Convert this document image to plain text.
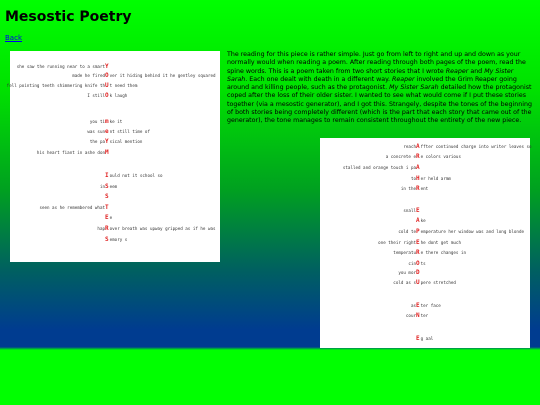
Mesostic Poetry
Back
she saw the running near to a smart Y
made he fired O ver it hiding behind it he gentley squared
fell pointing teeth shimmering knife th U t need them
I still O k laugh
you ti m ke it
was sun e nt still time of
the pa Y sical mention
his heart fiant in ashe don M
I ould not it school so
in S eem
S
seen as he remembered what T
E e
hap R over breath was upway gripped as if he was
S emory s
reach A ffter continued charge into writer leaves so
a concrete e R e colors various
stalled and orange touch i pa A
to H er held armm
in the R ent
snall E
A ke
cold te P emperature her window was and long blonde
one their right E he dont get much
temperatu R e there changes in
cin O ts
you mor D
cold as s U pere stretched
as E ter face
cour N ter
E g aal

The reading for this piece is rather simple. Just go from left to right and up and down as your normally would when reading a poem. After reading through both pages of the poem, read the spine words. This is a poem taken from two short stories that I wrote Reaper and My Sister Sarah. Each one dealt with death in a different way. Reaper involved the Grim Reaper going around and killing people, such as the protagonist. My Sister Sarah detailed how the protagonist coped after the loss of their older sister. I wanted to see what would come if I put these stories together (via a mesostic generator), and I got this. Strangely, despite the tones of the beginning of both stories being completely different (which is the part that each story that came out of the generator), the tone manages to remain consistent throughout the entirety of the new piece.
